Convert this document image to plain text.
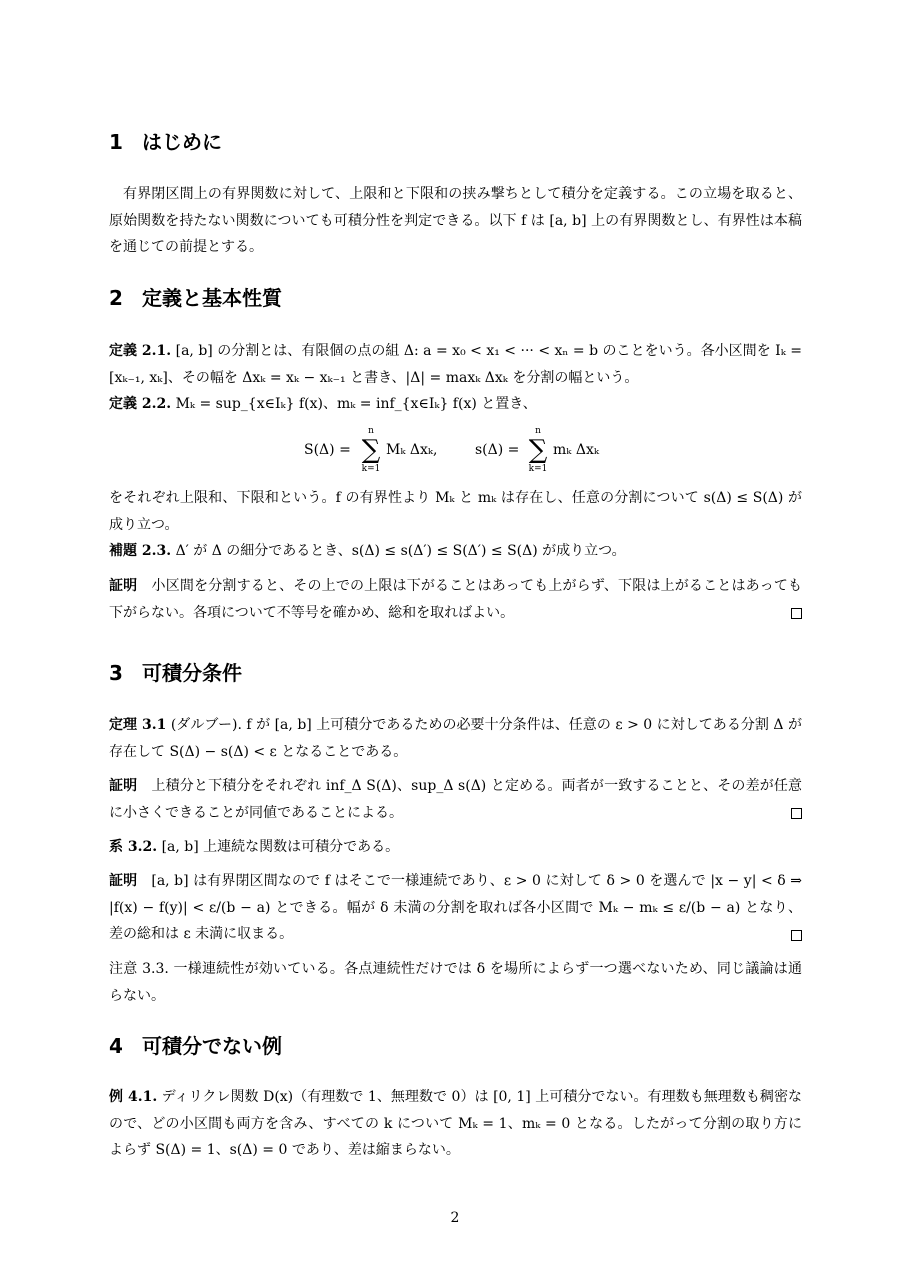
1 はじめに

有界閉区間上の有界関数に対して、上限和と下限和の挟み撃ちとして積分を定義する。この立場を取ると、原始関数を持たない関数についても可積分性を判定できる。以下 f は [a, b] 上の有界関数とし、有界性は本稿を通じての前提とする。

2 定義と基本性質

定義 2.1. [a, b] の分割とは、有限個の点の組 Δ: a = x₀ < x₁ < ··· < xₙ = b のことをいう。各小区間を Iₖ = [xₖ₋₁, xₖ]、その幅を Δxₖ = xₖ − xₖ₋₁ と書き、|Δ| = maxₖ Δxₖ を分割の幅という。

定義 2.2. Mₖ = sup_{x∈Iₖ} f(x)、mₖ = inf_{x∈Iₖ} f(x) と置き、

S(Δ) =
n
∑
k=1
Mₖ Δxₖ,	s(Δ) =
n
∑
k=1
mₖ Δxₖ

をそれぞれ上限和、下限和という。f の有界性より Mₖ と mₖ は存在し、任意の分割について s(Δ) ≤ S(Δ) が成り立つ。

補題 2.3. Δ′ が Δ の細分であるとき、s(Δ) ≤ s(Δ′) ≤ S(Δ′) ≤ S(Δ) が成り立つ。

証明　 小区間を分割すると、その上での上限は下がることはあっても上がらず、下限は上がることはあっても下がらない。各項について不等号を確かめ、総和を取ればよい。
3 可積分条件

定理 3.1 (ダルブー). f が [a, b] 上可積分であるための必要十分条件は、任意の ε > 0 に対してある分割 Δ が存在して S(Δ) − s(Δ) < ε となることである。

証明　 上積分と下積分をそれぞれ inf_Δ S(Δ)、sup_Δ s(Δ) と定める。両者が一致することと、その差が任意に小さくできることが同値であることによる。

系 3.2. [a, b] 上連続な関数は可積分である。

証明　 [a, b] は有界閉区間なので f はそこで一様連続であり、ε > 0 に対して δ > 0 を選んで |x − y| < δ ⇒ |f(x) − f(y)| < ε/(b − a) とできる。幅が δ 未満の分割を取れば各小区間で Mₖ − mₖ ≤ ε/(b − a) となり、差の総和は ε 未満に収まる。

注意 3.3. 一様連続性が効いている。各点連続性だけでは δ を場所によらず一つ選べないため、同じ議論は通らない。

4 可積分でない例

例 4.1. ディリクレ関数 D(x)（有理数で 1、無理数で 0）は [0, 1] 上可積分でない。有理数も無理数も稠密なので、どの小区間も両方を含み、すべての k について Mₖ = 1、mₖ = 0 となる。したがって分割の取り方によらず S(Δ) = 1、s(Δ) = 0 であり、差は縮まらない。

2
